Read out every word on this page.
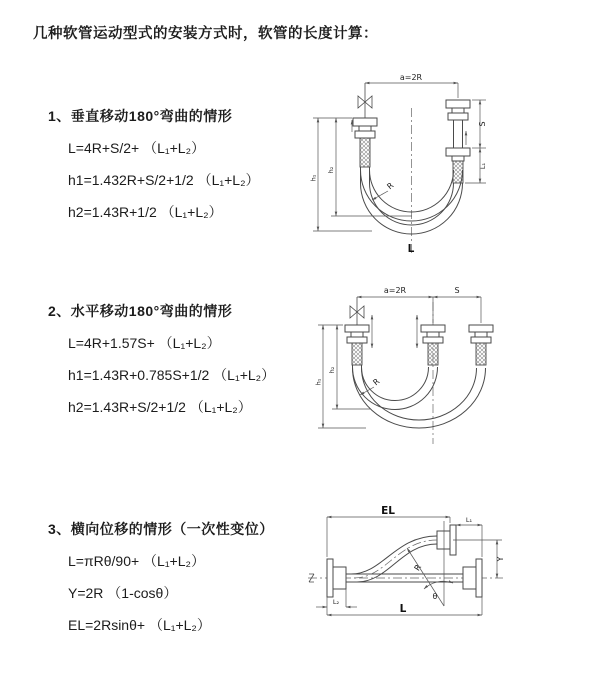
几种软管运动型式的安装方式时，软管的长度计算：
1、垂直移动180°弯曲的情形
L=4R+S/2+ （L₁+L₂）
h1=1.432R+S/2+1/2 （L₁+L₂）
h2=1.43R+1/2 （L₁+L₂）
a=2R
S
L₁
h₁
h₂
R
L
2、水平移动180°弯曲的情形
L=4R+1.57S+ （L₁+L₂）
h1=1.43R+0.785S+1/2 （L₁+L₂）
h2=1.43R+S/2+1/2 （L₁+L₂）
a=2R	S
h₁
h₂
R
3、横向位移的情形（一次性变位）
L=πRθ/90+ （L₁+L₂）
Y=2R （1-cosθ）
EL=2Rsinθ+ （L₁+L₂）
R
θ
EL
L₁
Y
L
L₂
